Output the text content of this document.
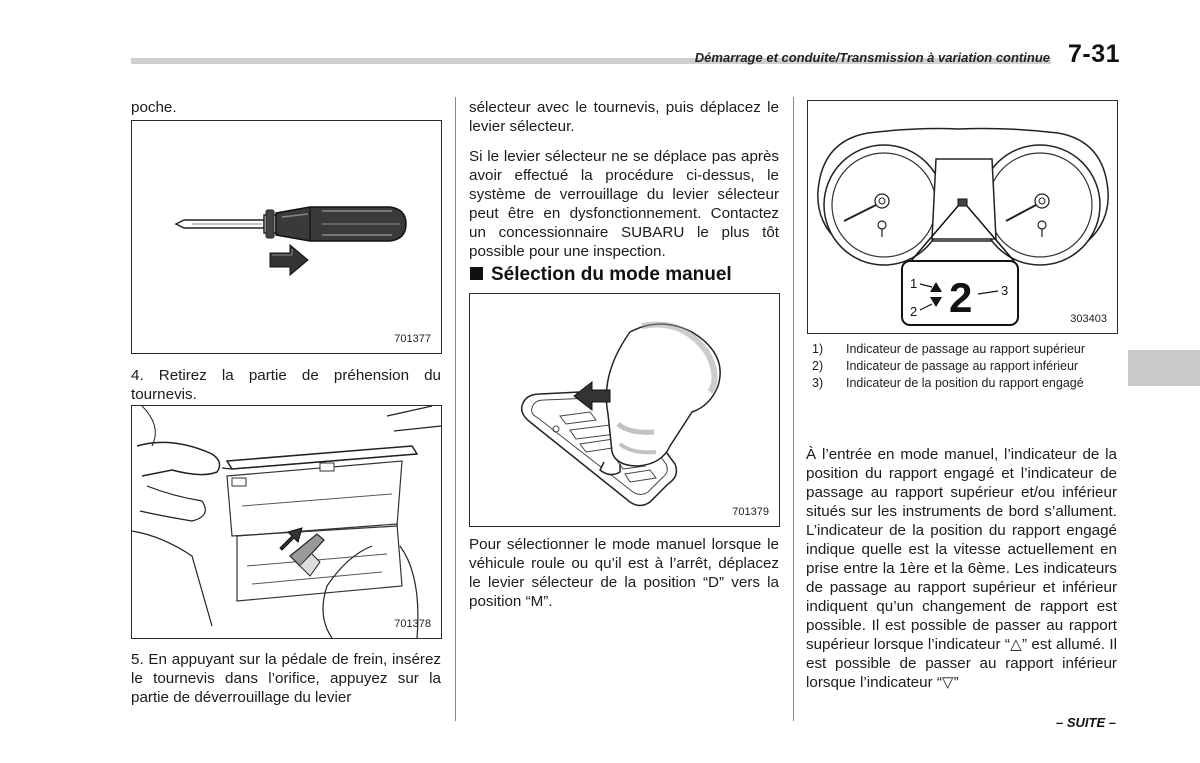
Démarrage et conduite/Transmission à variation continue 7-31
poche.
701377
4. Retirez la partie de préhension du tournevis.
701378
5. En appuyant sur la pédale de frein, insérez le tournevis dans l’orifice, appuyez sur la partie de déverrouillage du levier
sélecteur avec le tournevis, puis déplacez le levier sélecteur.
Si le levier sélecteur ne se déplace pas après avoir effectué la procédure ci-dessus, le système de verrouillage du levier sélecteur peut être en dysfonctionnement. Contactez un concessionnaire SUBARU le plus tôt possible pour une inspection.
Sélection du mode manuel
701379
Pour sélectionner le mode manuel lorsque le véhicule roule ou qu’il est à l’arrêt, déplacez le levier sélecteur de la position “D” vers la position “M”.
1
2
3
2	303403
1)	Indicateur de passage au rapport supérieur
2)	Indicateur de passage au rapport inférieur
3)	Indicateur de la position du rapport engagé
À l’entrée en mode manuel, l’indicateur de la position du rapport engagé et l’indicateur de passage au rapport supérieur et/ou inférieur situés sur les instruments de bord s’allument. L’indicateur de la position du rapport engagé indique quelle est la vitesse actuellement en prise entre la 1ère et la 6ème. Les indicateurs de passage au rapport supérieur et inférieur indiquent qu’un changement de rapport est possible. Il est possible de passer au rapport supérieur lorsque l’indicateur “△” est allumé. Il est possible de passer au rapport inférieur lorsque l’indicateur “▽”
– SUITE –
